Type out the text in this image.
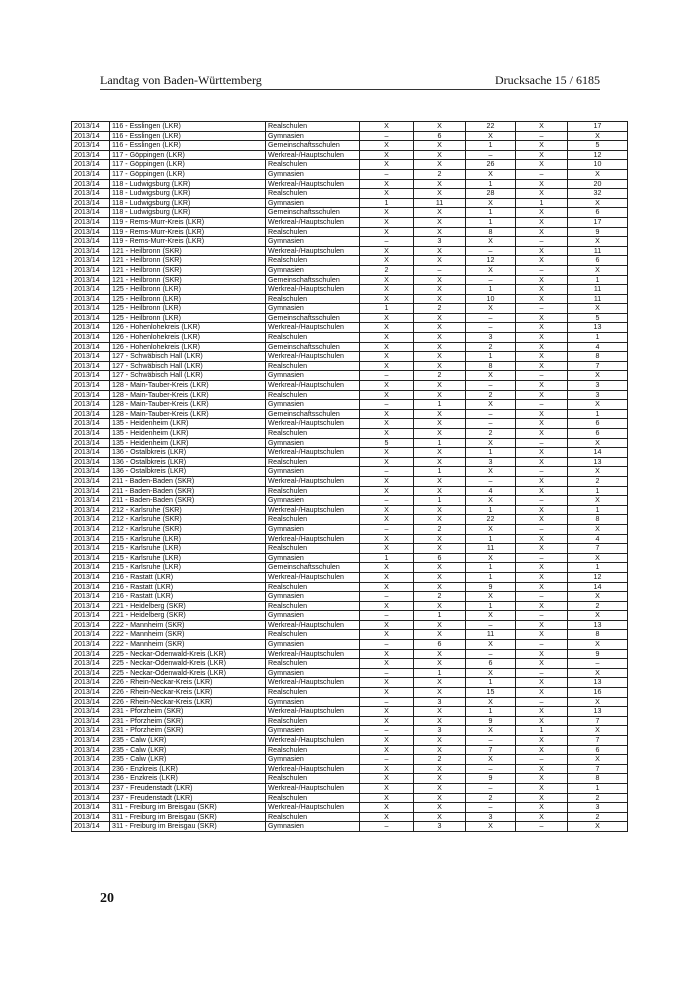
Landtag von Baden-Württemberg	Drucksache 15 / 6185
2013/14	116 - Esslingen (LKR)	Realschulen	X	X	22	X	17
2013/14	116 - Esslingen (LKR)	Gymnasien	–	6	X	–	X
2013/14	116 - Esslingen (LKR)	Gemeinschaftsschulen	X	X	1	X	5
2013/14	117 - Göppingen (LKR)	Werkreal-/Hauptschulen	X	X	–	X	12
2013/14	117 - Göppingen (LKR)	Realschulen	X	X	26	X	10
2013/14	117 - Göppingen (LKR)	Gymnasien	–	2	X	–	X
2013/14	118 - Ludwigsburg (LKR)	Werkreal-/Hauptschulen	X	X	1	X	20
2013/14	118 - Ludwigsburg (LKR)	Realschulen	X	X	28	X	32
2013/14	118 - Ludwigsburg (LKR)	Gymnasien	1	11	X	1	X
2013/14	118 - Ludwigsburg (LKR)	Gemeinschaftsschulen	X	X	1	X	6
2013/14	119 - Rems-Murr-Kreis (LKR)	Werkreal-/Hauptschulen	X	X	1	X	17
2013/14	119 - Rems-Murr-Kreis (LKR)	Realschulen	X	X	8	X	9
2013/14	119 - Rems-Murr-Kreis (LKR)	Gymnasien	–	3	X	–	X
2013/14	121 - Heilbronn (SKR)	Werkreal-/Hauptschulen	X	X	–	X	11
2013/14	121 - Heilbronn (SKR)	Realschulen	X	X	12	X	6
2013/14	121 - Heilbronn (SKR)	Gymnasien	2	–	X	–	X
2013/14	121 - Heilbronn (SKR)	Gemeinschaftsschulen	X	X	–	X	1
2013/14	125 - Heilbronn (LKR)	Werkreal-/Hauptschulen	X	X	1	X	11
2013/14	125 - Heilbronn (LKR)	Realschulen	X	X	10	X	11
2013/14	125 - Heilbronn (LKR)	Gymnasien	1	2	X	–	X
2013/14	125 - Heilbronn (LKR)	Gemeinschaftsschulen	X	X	–	X	5
2013/14	126 - Hohenlohekreis (LKR)	Werkreal-/Hauptschulen	X	X	–	X	13
2013/14	126 - Hohenlohekreis (LKR)	Realschulen	X	X	3	X	1
2013/14	126 - Hohenlohekreis (LKR)	Gemeinschaftsschulen	X	X	2	X	4
2013/14	127 - Schwäbisch Hall (LKR)	Werkreal-/Hauptschulen	X	X	1	X	8
2013/14	127 - Schwäbisch Hall (LKR)	Realschulen	X	X	8	X	7
2013/14	127 - Schwäbisch Hall (LKR)	Gymnasien	–	2	X	–	X
2013/14	128 - Main-Tauber-Kreis (LKR)	Werkreal-/Hauptschulen	X	X	–	X	3
2013/14	128 - Main-Tauber-Kreis (LKR)	Realschulen	X	X	2	X	3
2013/14	128 - Main-Tauber-Kreis (LKR)	Gymnasien	–	1	X	–	X
2013/14	128 - Main-Tauber-Kreis (LKR)	Gemeinschaftsschulen	X	X	–	X	1
2013/14	135 - Heidenheim (LKR)	Werkreal-/Hauptschulen	X	X	–	X	6
2013/14	135 - Heidenheim (LKR)	Realschulen	X	X	2	X	6
2013/14	135 - Heidenheim (LKR)	Gymnasien	5	1	X	–	X
2013/14	136 - Ostalbkreis (LKR)	Werkreal-/Hauptschulen	X	X	1	X	14
2013/14	136 - Ostalbkreis (LKR)	Realschulen	X	X	3	X	13
2013/14	136 - Ostalbkreis (LKR)	Gymnasien	–	1	X	–	X
2013/14	211 - Baden-Baden (SKR)	Werkreal-/Hauptschulen	X	X	–	X	2
2013/14	211 - Baden-Baden (SKR)	Realschulen	X	X	4	X	1
2013/14	211 - Baden-Baden (SKR)	Gymnasien	–	1	X	–	X
2013/14	212 - Karlsruhe (SKR)	Werkreal-/Hauptschulen	X	X	1	X	1
2013/14	212 - Karlsruhe (SKR)	Realschulen	X	X	22	X	8
2013/14	212 - Karlsruhe (SKR)	Gymnasien	–	2	X	–	X
2013/14	215 - Karlsruhe (LKR)	Werkreal-/Hauptschulen	X	X	1	X	4
2013/14	215 - Karlsruhe (LKR)	Realschulen	X	X	11	X	7
2013/14	215 - Karlsruhe (LKR)	Gymnasien	1	6	X	–	X
2013/14	215 - Karlsruhe (LKR)	Gemeinschaftsschulen	X	X	1	X	1
2013/14	216 - Rastatt (LKR)	Werkreal-/Hauptschulen	X	X	1	X	12
2013/14	216 - Rastatt (LKR)	Realschulen	X	X	9	X	14
2013/14	216 - Rastatt (LKR)	Gymnasien	–	2	X	–	X
2013/14	221 - Heidelberg (SKR)	Realschulen	X	X	1	X	2
2013/14	221 - Heidelberg (SKR)	Gymnasien	–	1	X	–	X
2013/14	222 - Mannheim (SKR)	Werkreal-/Hauptschulen	X	X	–	X	13
2013/14	222 - Mannheim (SKR)	Realschulen	X	X	11	X	8
2013/14	222 - Mannheim (SKR)	Gymnasien	–	6	X	–	X
2013/14	225 - Neckar-Odenwald-Kreis (LKR)	Werkreal-/Hauptschulen	X	X	–	X	9
2013/14	225 - Neckar-Odenwald-Kreis (LKR)	Realschulen	X	X	6	X	–
2013/14	225 - Neckar-Odenwald-Kreis (LKR)	Gymnasien	–	1	X	–	X
2013/14	226 - Rhein-Neckar-Kreis (LKR)	Werkreal-/Hauptschulen	X	X	1	X	13
2013/14	226 - Rhein-Neckar-Kreis (LKR)	Realschulen	X	X	15	X	16
2013/14	226 - Rhein-Neckar-Kreis (LKR)	Gymnasien	–	3	X	–	X
2013/14	231 - Pforzheim (SKR)	Werkreal-/Hauptschulen	X	X	1	X	13
2013/14	231 - Pforzheim (SKR)	Realschulen	X	X	9	X	7
2013/14	231 - Pforzheim (SKR)	Gymnasien	–	3	X	1	X
2013/14	235 - Calw (LKR)	Werkreal-/Hauptschulen	X	X	–	X	7
2013/14	235 - Calw (LKR)	Realschulen	X	X	7	X	6
2013/14	235 - Calw (LKR)	Gymnasien	–	2	X	–	X
2013/14	236 - Enzkreis (LKR)	Werkreal-/Hauptschulen	X	X	–	X	7
2013/14	236 - Enzkreis (LKR)	Realschulen	X	X	9	X	8
2013/14	237 - Freudenstadt (LKR)	Werkreal-/Hauptschulen	X	X	–	X	1
2013/14	237 - Freudenstadt (LKR)	Realschulen	X	X	2	X	2
2013/14	311 - Freiburg im Breisgau (SKR)	Werkreal-/Hauptschulen	X	X	–	X	3
2013/14	311 - Freiburg im Breisgau (SKR)	Realschulen	X	X	3	X	2
2013/14	311 - Freiburg im Breisgau (SKR)	Gymnasien	–	3	X	–	X
20
